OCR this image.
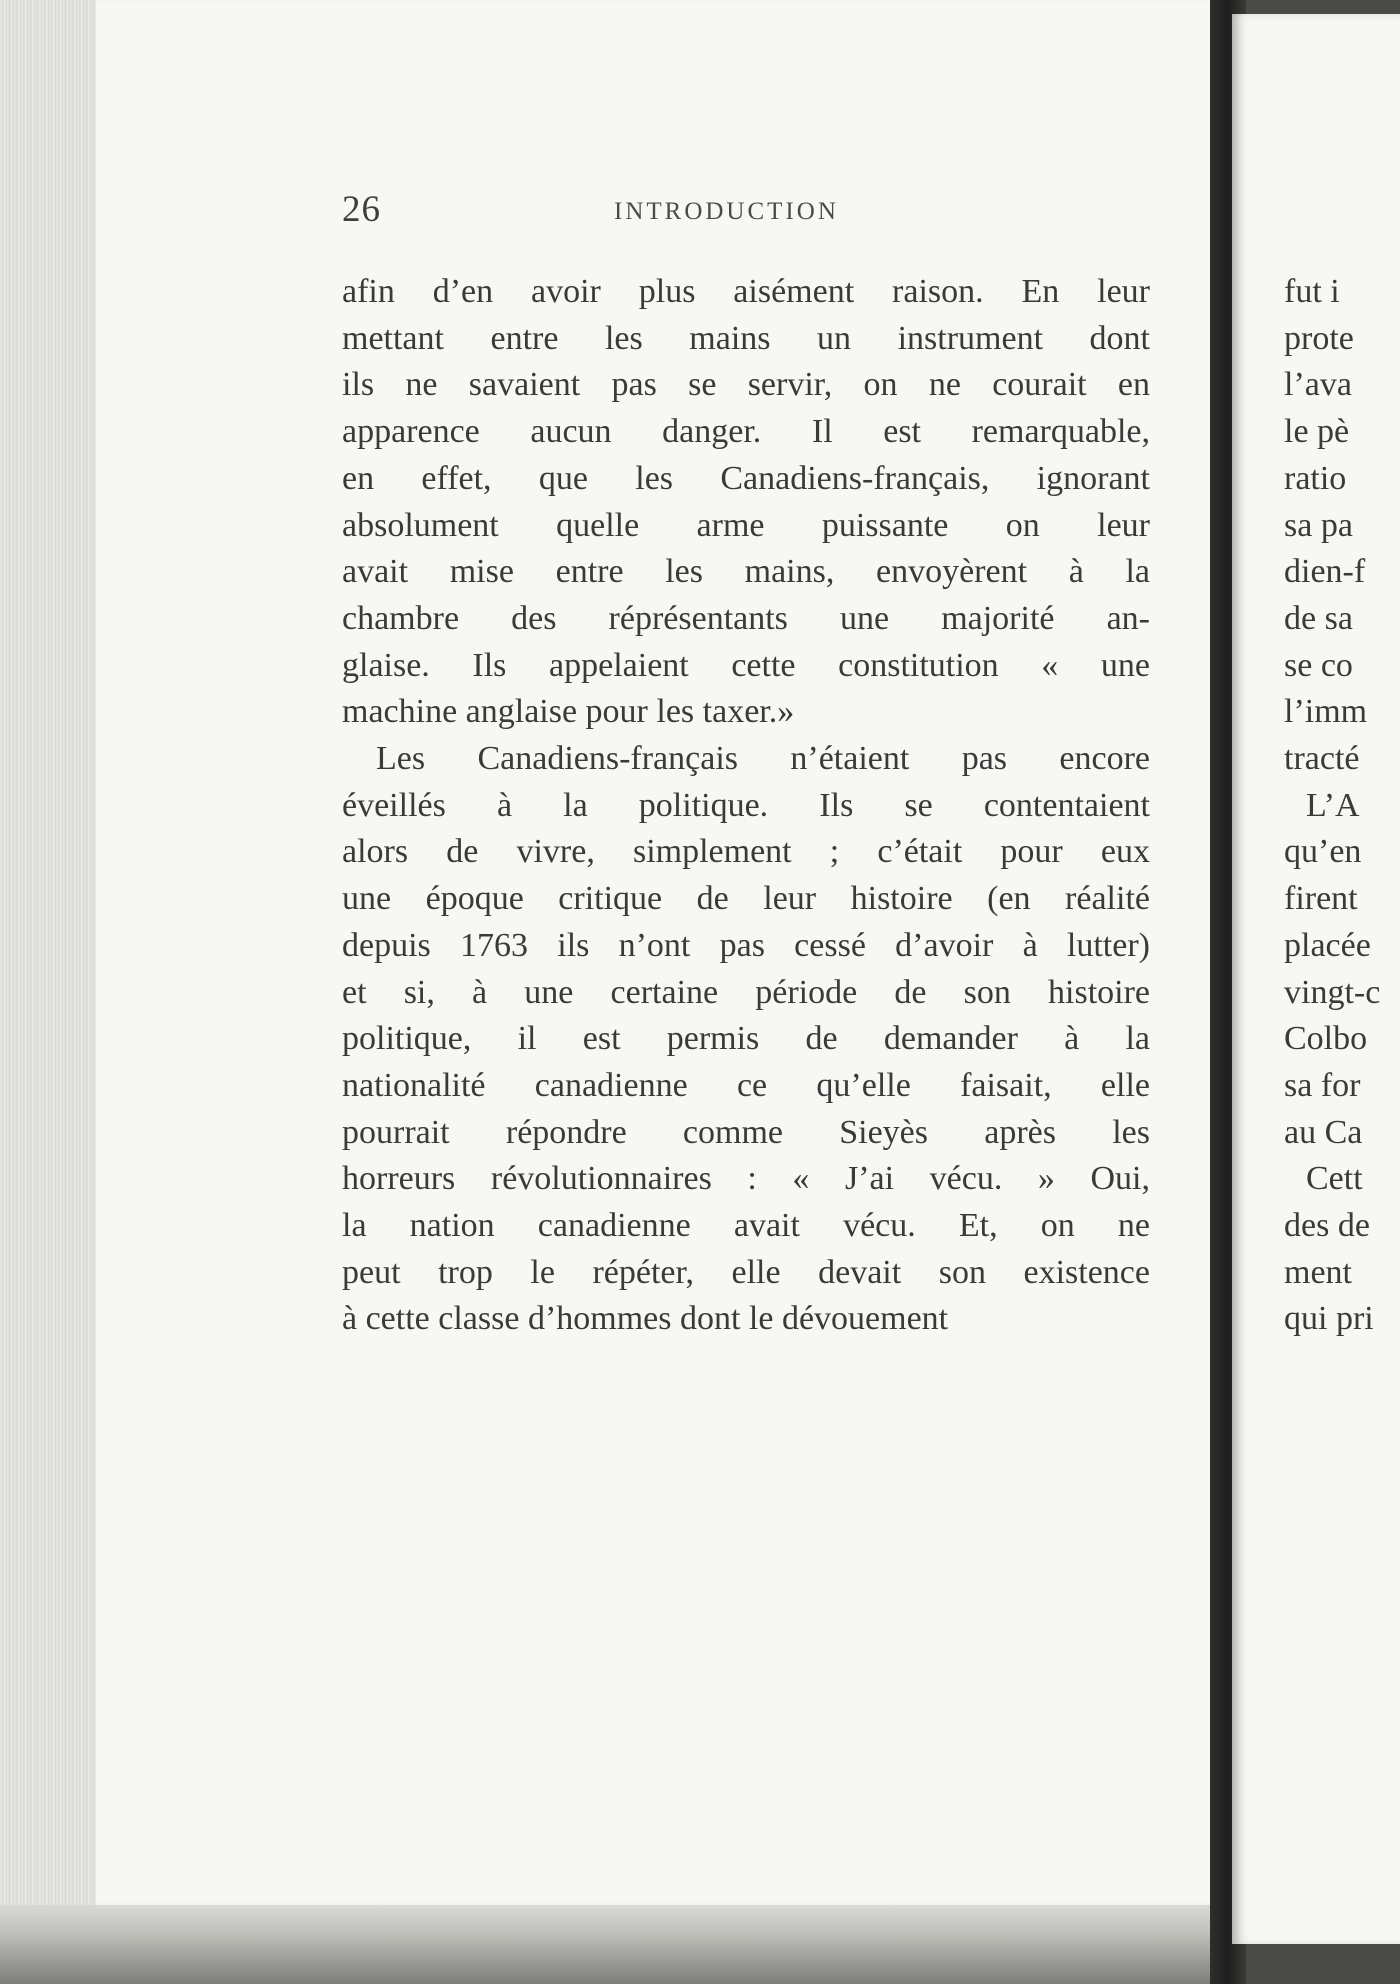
fut i
prote
l’ava
le pè
ratio
sa pa
dien-f
de sa
se co
l’imm
tracté
L’A
qu’en
firent
placée
vingt-c
Colbo
sa for
au Ca
Cett
des de
ment
qui pri
26	INTRODUCTION
afin d’en avoir plus aisément raison. En leur
mettant entre les mains un instrument dont
ils ne savaient pas se servir, on ne courait en
apparence aucun danger. Il est remarquable,
en effet, que les Canadiens-français, ignorant
absolument quelle arme puissante on leur
avait mise entre les mains, envoyèrent à la
chambre des réprésentants une majorité an-
glaise. Ils appelaient cette constitution « une
machine anglaise pour les taxer.»
Les Canadiens-français n’étaient pas encore
éveillés à la politique. Ils se contentaient
alors de vivre, simplement ; c’était pour eux
une époque critique de leur histoire (en réalité
depuis 1763 ils n’ont pas cessé d’avoir à lutter)
et si, à une certaine période de son histoire
politique, il est permis de demander à la
nationalité canadienne ce qu’elle faisait, elle
pourrait répondre comme Sieyès après les
horreurs révolutionnaires : « J’ai vécu. » Oui,
la nation canadienne avait vécu. Et, on ne
peut trop le répéter, elle devait son existence
à cette classe d’hommes dont le dévouement
